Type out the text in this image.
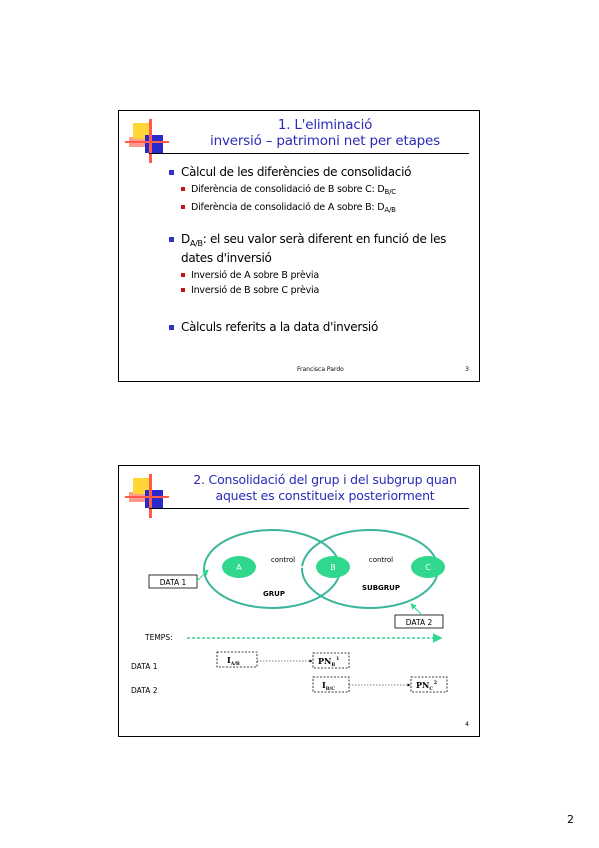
1. L'eliminació
inversió – patrimoni net per etapes
Càlcul de les diferències de consolidació
Diferència de consolidació de B sobre C: $D_{B/C}$
Diferència de consolidació de A sobre B: $D_{A/B}$
$D_{A/B}$: el seu valor serà diferent en funció de les dates d'inversió
Inversió de A sobre B prèvia
Inversió de B sobre C prèvia
Càlculs referits a la data d'inversió
Francisca Pardo	3
2. Consolidació del grup i del subgrup quan
aquest es constitueix posteriorment
A	B	C
control	control
GRUP
SUBGRUP
DATA 1
DATA 2
TEMPS:
DATA 1
DATA 2
$I_{A/B}$	$PN_B^1$
$I_{B/C}$	$PN_C^2$
4
2
